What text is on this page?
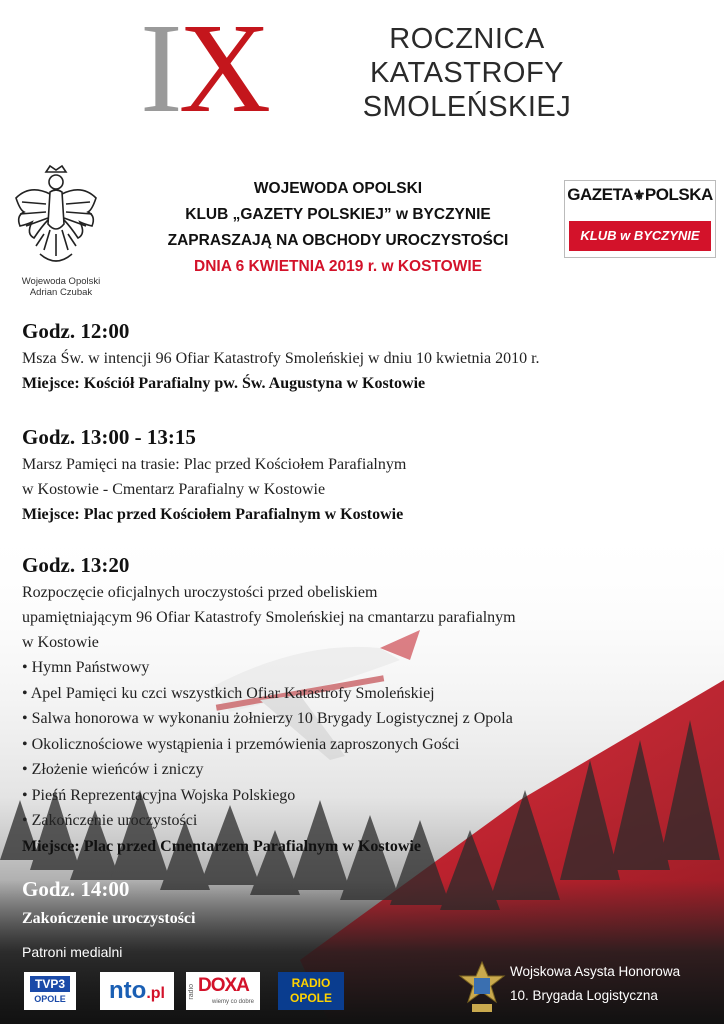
IX	ROCZNICA
KATASTROFY
SMOLEŃSKIEJ
Wojewoda Opolski
Adrian Czubak
WOJEWODA OPOLSKI
KLUB „GAZETY POLSKIEJ” w BYCZYNIE
ZAPRASZAJĄ NA OBCHODY UROCZYSTOŚCI
DNIA 6 KWIETNIA 2019 r. w KOSTOWIE
GAZETA⚜POLSKA
KLUB w BYCZYNIE
Godz. 12:00
Msza Św. w intencji 96 Ofiar Katastrofy Smoleńskiej w dniu 10 kwietnia 2010 r.
Miejsce: Kościół Parafialny pw. Św. Augustyna w Kostowie
Godz. 13:00 - 13:15
Marsz Pamięci na trasie: Plac przed Kościołem Parafialnym
w Kostowie - Cmentarz Parafialny w Kostowie
Miejsce: Plac przed Kościołem Parafialnym w Kostowie
Godz. 13:20
Rozpoczęcie oficjalnych uroczystości przed obeliskiem
upamiętniającym 96 Ofiar Katastrofy Smoleńskiej na cmantarzu parafialnym
w Kostowie
• Hymn Państwowy
• Apel Pamięci ku czci wszystkich Ofiar Katastrofy Smoleńskiej
• Salwa honorowa w wykonaniu żołnierzy 10 Brygady Logistycznej z Opola
• Okolicznościowe wystąpienia i przemówienia zaproszonych Gości
• Złożenie wieńców i zniczy
• Pieśń Reprezentacyjna Wojska Polskiego
• Zakończenie uroczystości
Miejsce: Plac przed Cmentarzem Parafialnym w Kostowie
Godz. 14:00
Zakończenie uroczystości
Patroni medialni
TVP3
OPOLE	nto.pl	radio DOXA
wiemy co dobre
RADIO
OPOLE
Wojskowa Asysta Honorowa
10. Brygada Logistyczna
